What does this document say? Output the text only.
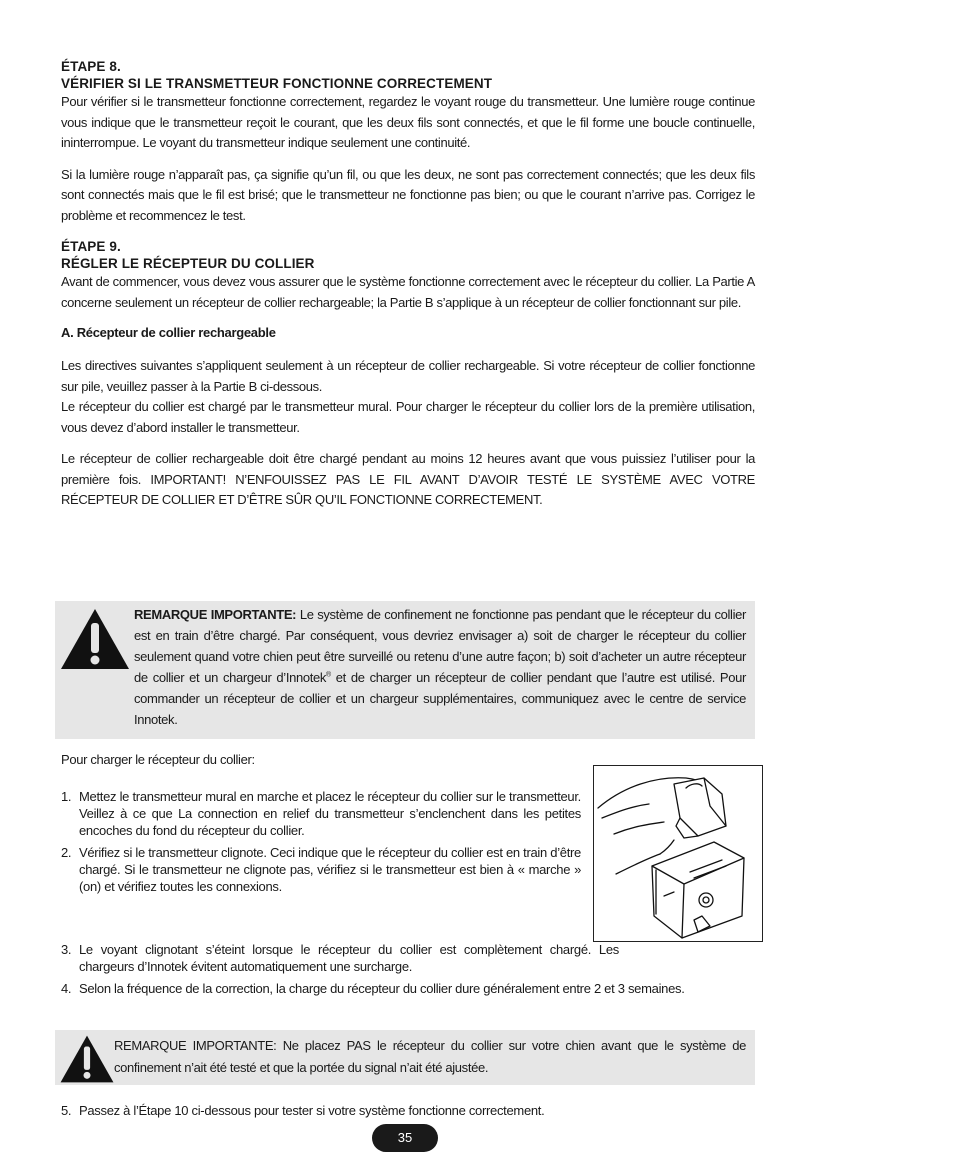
ÉTAPE 8.
VÉRIFIER SI LE TRANSMETTEUR FONCTIONNE CORRECTEMENT

Pour vérifier si le transmetteur fonctionne correctement, regardez le voyant rouge du transmetteur. Une lumière rouge continue vous indique que le transmetteur reçoit le courant, que les deux fils sont connectés, et que le fil forme une boucle continuelle, ininterrompue. Le voyant du transmetteur indique seulement une continuité.

Si la lumière rouge n’apparaît pas, ça signifie qu’un fil, ou que les deux, ne sont pas correctement connectés; que les deux fils sont connectés mais que le fil est brisé; que le transmetteur ne fonctionne pas bien; ou que le courant n’arrive pas. Corrigez le problème et recommencez le test.

ÉTAPE 9.
RÉGLER LE RÉCEPTEUR DU COLLIER

Avant de commencer, vous devez vous assurer que le système fonctionne correctement avec le récepteur du collier. La Partie A concerne seulement un récepteur de collier rechargeable; la Partie B s’applique à un récepteur de collier fonctionnant sur pile.

A. Récepteur de collier rechargeable

Les directives suivantes s’appliquent seulement à un récepteur de collier rechargeable. Si votre récepteur de collier fonctionne sur pile, veuillez passer à la Partie B ci-dessous.

Le récepteur du collier est chargé par le transmetteur mural. Pour charger le récepteur du collier lors de la première utilisation, vous devez d’abord installer le transmetteur.

Le récepteur de collier rechargeable doit être chargé pendant au moins 12 heures avant que vous puissiez l’utiliser pour la première fois. IMPORTANT! N’ENFOUISSEZ PAS LE FIL AVANT D’AVOIR TESTÉ LE SYSTÈME AVEC VOTRE RÉCEPTEUR DE COLLIER ET D’ÊTRE SÛR QU’IL FONCTIONNE CORRECTEMENT.

REMARQUE IMPORTANTE: Le système de confinement ne fonctionne pas pendant que le récepteur du collier est en train d’être chargé. Par conséquent, vous devriez envisager a) soit de charger le récepteur du collier seulement quand votre chien peut être surveillé ou retenu d’une autre façon; b) soit d’acheter un autre récepteur de collier et un chargeur d’Innotek® et de charger un récepteur de collier pendant que l’autre est utilisé. Pour commander un récepteur de collier et un chargeur supplémentaires, communiquez avec le centre de service Innotek.

Pour charger le récepteur du collier:
1. Mettez le transmetteur mural en marche et placez le récepteur du collier sur le transmetteur. Veillez à ce que La connection en relief du transmetteur s’enclenchent dans les petites encoches du fond du récepteur du collier.
2. Vérifiez si le transmetteur clignote. Ceci indique que le récepteur du collier est en train d’être chargé. Si le transmetteur ne clignote pas, vérifiez si le transmetteur est bien à « marche » (on) et vérifiez toutes les connexions.
3. Le voyant clignotant s’éteint lorsque le récepteur du collier est complètement chargé. Les chargeurs d’Innotek évitent automatiquement une surcharge.
4. Selon la fréquence de la correction, la charge du récepteur du collier dure généralement entre 2 et 3 semaines.

REMARQUE IMPORTANTE: Ne placez PAS le récepteur du collier sur votre chien avant que le système de confinement n’ait été testé et que la portée du signal n’ait été ajustée.

5. Passez à l’Étape 10 ci-dessous pour tester si votre système fonctionne correctement.
35
